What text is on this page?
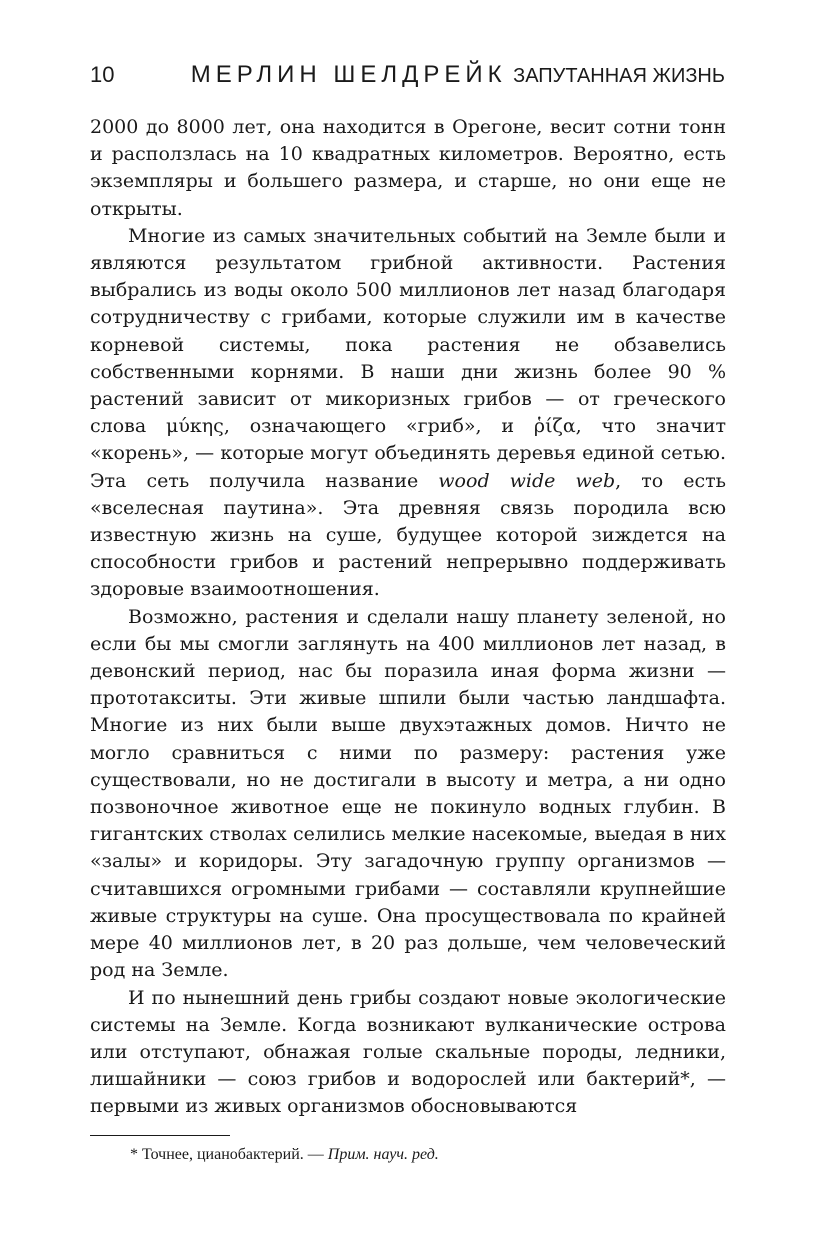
10	МЕРЛИН ШЕЛДРЕЙК ЗАПУТАННАЯ ЖИЗНЬ

2000 до 8000 лет, она находится в Орегоне, весит сотни тонн и расползлась на 10 квадратных километров. Вероятно, есть экземпляры и большего размера, и старше, но они еще не открыты.

Многие из самых значительных событий на Земле были и являются результатом грибной активности. Растения выбрались из воды около 500 миллионов лет назад благодаря сотрудничеству с грибами, которые служили им в качестве корневой системы, пока растения не обзавелись собственными корнями. В наши дни жизнь более 90 % растений зависит от микоризных грибов — от греческого слова μύκης, означающего «гриб», и ῥίζα, что значит «корень», — которые могут объединять деревья единой сетью. Эта сеть получила название wood wide web, то есть «вселесная паутина». Эта древняя связь породила всю известную жизнь на суше, будущее которой зиждется на способности грибов и растений непрерывно поддерживать здоровые взаимоотношения.

Возможно, растения и сделали нашу планету зеленой, но если бы мы смогли заглянуть на 400 миллионов лет назад, в девонский период, нас бы поразила иная форма жизни — прототакситы. Эти живые шпили были частью ландшафта. Многие из них были выше двухэтажных домов. Ничто не могло сравниться с ними по размеру: растения уже существовали, но не достигали в высоту и метра, а ни одно позвоночное животное еще не покинуло водных глубин. В гигантских стволах селились мелкие насекомые, выедая в них «залы» и коридоры. Эту загадочную группу организмов — считавшихся огромными грибами — составляли крупнейшие живые структуры на суше. Она просуществовала по крайней мере 40 миллионов лет, в 20 раз дольше, чем человеческий род на Земле.

И по нынешний день грибы создают новые экологические системы на Земле. Когда возникают вулканические острова или отступают, обнажая голые скальные породы, ледники, лишайники — союз грибов и водорослей или бактерий*, — первыми из живых организмов обосновываются

* Точнее, цианобактерий. — Прим. науч. ред.
